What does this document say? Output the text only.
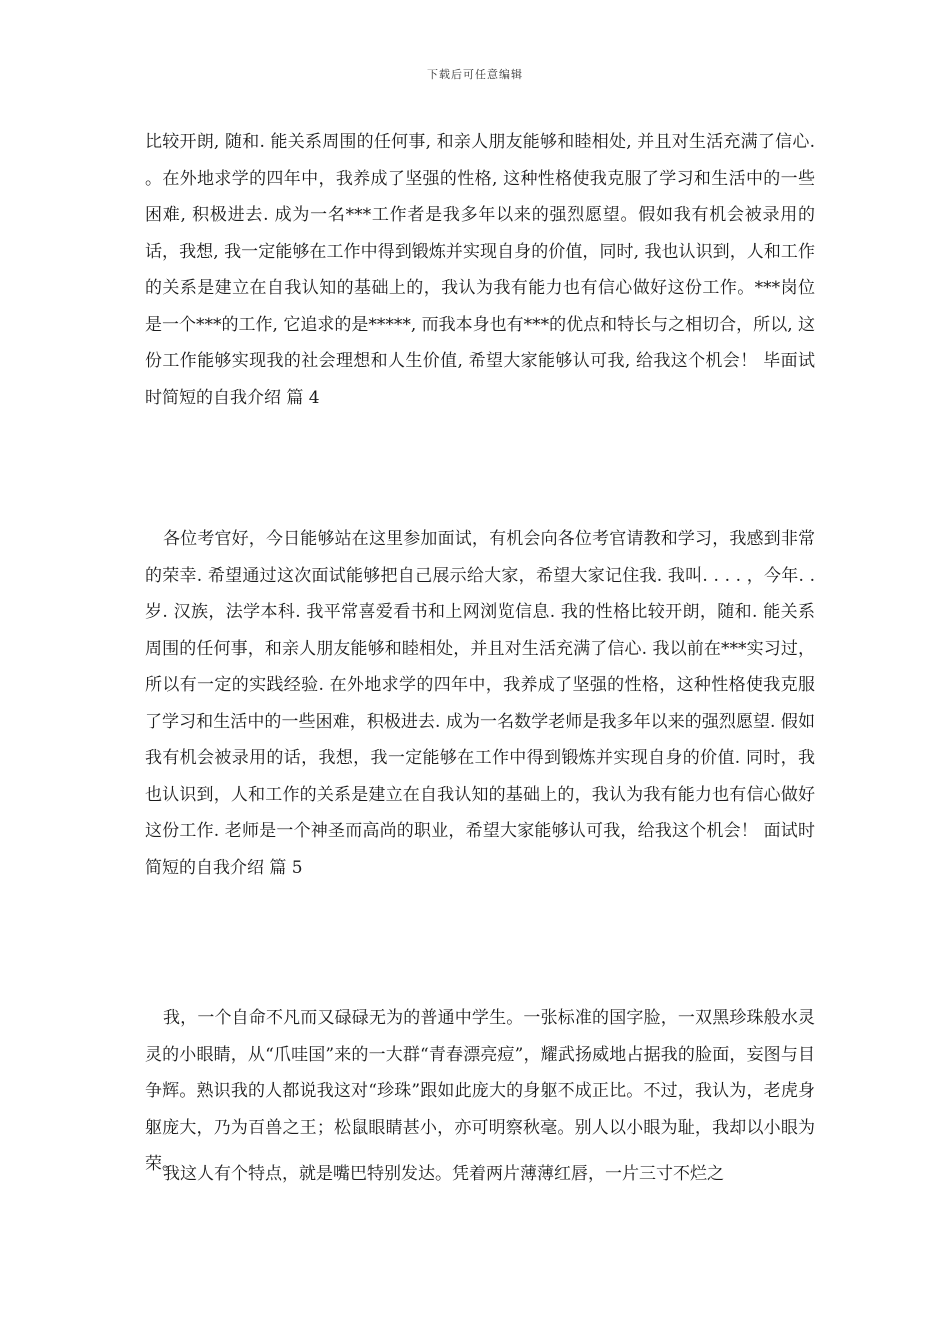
下载后可任意编辑

比较开朗, 随和. 能关系周围的任何事, 和亲人朋友能够和睦相处, 并且对生活充满了信心. 。在外地求学的四年中，我养成了坚强的性格, 这种性格使我克服了学习和生活中的一些困难, 积极进去. 成为一名***工作者是我多年以来的强烈愿望。假如我有机会被录用的话，我想, 我一定能够在工作中得到锻炼并实现自身的价值，同时, 我也认识到，人和工作的关系是建立在自我认知的基础上的，我认为我有能力也有信心做好这份工作。***岗位是一个***的工作, 它追求的是*****, 而我本身也有***的优点和特长与之相切合，所以, 这份工作能够实现我的社会理想和人生价值, 希望大家能够认可我, 给我这个机会！ 毕面试时简短的自我介绍 篇 4

各位考官好，今日能够站在这里参加面试，有机会向各位考官请教和学习，我感到非常的荣幸. 希望通过这次面试能够把自己展示给大家，希望大家记住我. 我叫. . . . ，今年. . 岁. 汉族，法学本科. 我平常喜爱看书和上网浏览信息. 我的性格比较开朗，随和. 能关系周围的任何事，和亲人朋友能够和睦相处，并且对生活充满了信心. 我以前在***实习过，所以有一定的实践经验. 在外地求学的四年中，我养成了坚强的性格，这种性格使我克服了学习和生活中的一些困难，积极进去. 成为一名数学老师是我多年以来的强烈愿望. 假如我有机会被录用的话，我想，我一定能够在工作中得到锻炼并实现自身的价值. 同时，我也认识到，人和工作的关系是建立在自我认知的基础上的，我认为我有能力也有信心做好这份工作. 老师是一个神圣而高尚的职业，希望大家能够认可我，给我这个机会！ 面试时简短的自我介绍 篇 5

我，一个自命不凡而又碌碌无为的普通中学生。一张标准的国字脸，一双黑珍珠般水灵灵的小眼睛，从“爪哇国”来的一大群“青春漂亮痘”，耀武扬威地占据我的脸面，妄图与目争辉。熟识我的人都说我这对“珍珠”跟如此庞大的身躯不成正比。不过，我认为，老虎身躯庞大，乃为百兽之王；松鼠眼睛甚小，亦可明察秋毫。别人以小眼为耻，我却以小眼为荣。

我这人有个特点，就是嘴巴特别发达。凭着两片薄薄红唇，一片三寸不烂之
